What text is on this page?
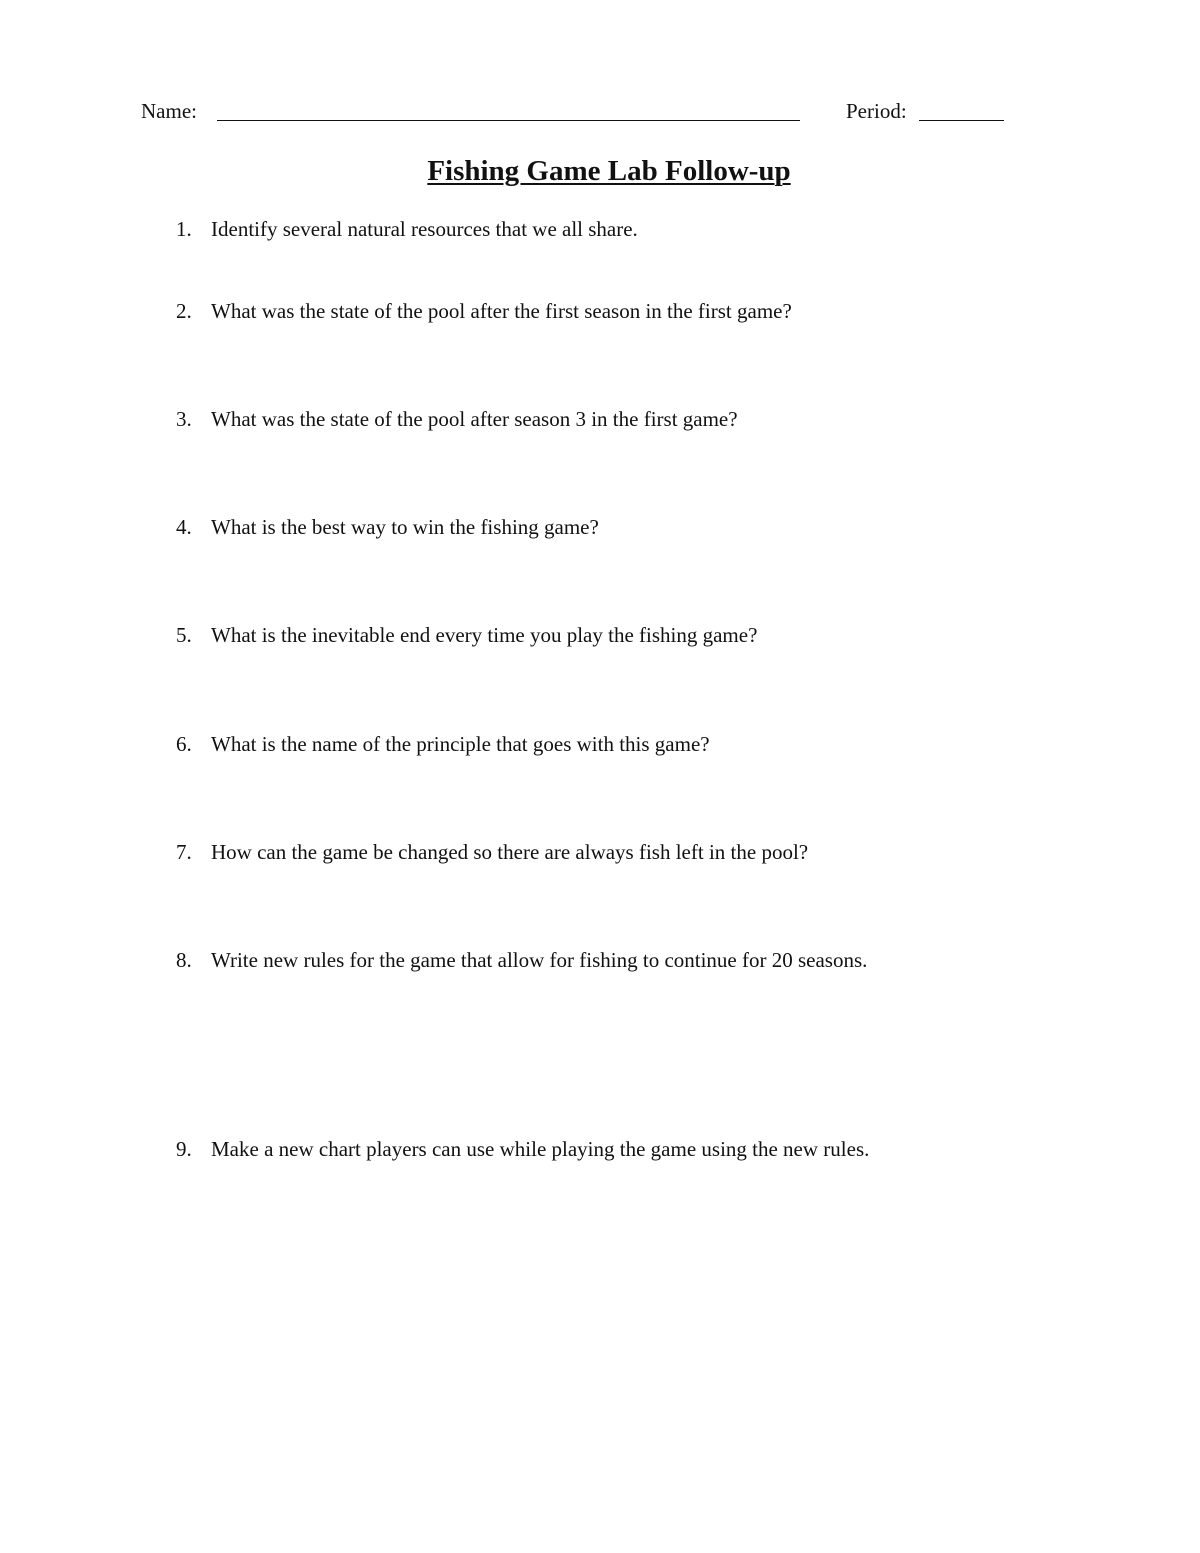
Name:	Period:
Fishing Game Lab Follow-up
1. Identify several natural resources that we all share.
2. What was the state of the pool after the first season in the first game?
3. What was the state of the pool after season 3 in the first game?
4. What is the best way to win the fishing game?
5. What is the inevitable end every time you play the fishing game?
6. What is the name of the principle that goes with this game?
7. How can the game be changed so there are always fish left in the pool?
8. Write new rules for the game that allow for fishing to continue for 20 seasons.
9. Make a new chart players can use while playing the game using the new rules.
